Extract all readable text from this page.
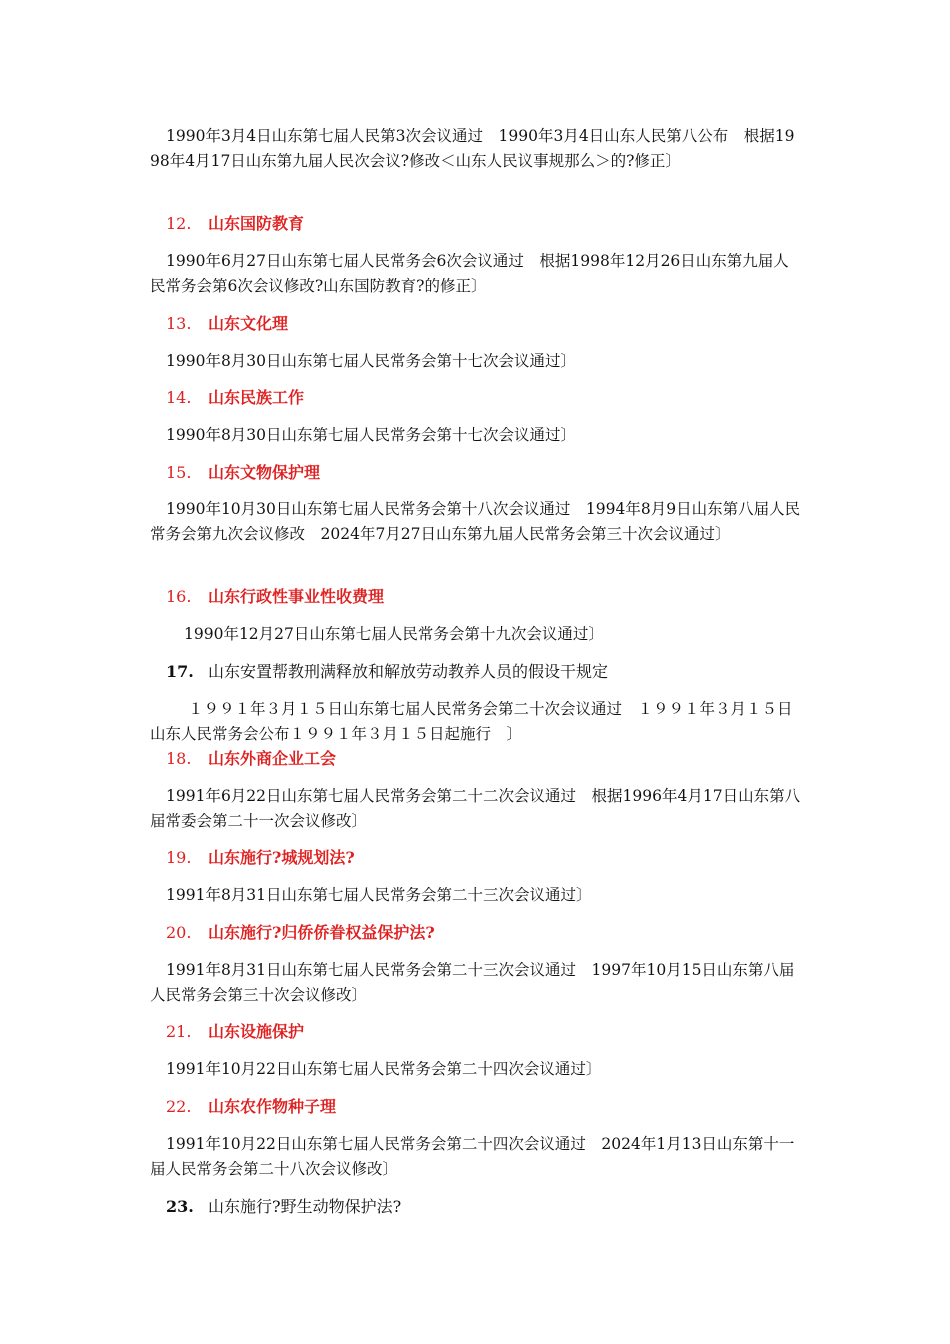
1990年3月4日山东第七届人民第3次会议通过　1990年3月4日山东人民第八公布　根据1998年4月17日山东第九届人民次会议?修改＜山东人民议事规那么＞的?修正〕

12. 山东国防教育

1990年6月27日山东第七届人民常务会6次会议通过　根据1998年12月26日山东第九届人民常务会第6次会议修改?山东国防教育?的修正〕

13. 山东文化理

1990年8月30日山东第七届人民常务会第十七次会议通过〕

14. 山东民族工作

1990年8月30日山东第七届人民常务会第十七次会议通过〕

15. 山东文物保护理

1990年10月30日山东第七届人民常务会第十八次会议通过　1994年8月9日山东第八届人民常务会第九次会议修改　2024年7月27日山东第九届人民常务会第三十次会议通过〕

16. 山东行政性事业性收费理

1990年12月27日山东第七届人民常务会第十九次会议通过〕

17. 山东安置帮教刑满释放和解放劳动教养人员的假设干规定

１９９１年３月１５日山东第七届人民常务会第二十次会议通过　１９９１年３月１５日山东人民常务会公布１９９１年３月１５日起施行　〕

18. 山东外商企业工会

1991年6月22日山东第七届人民常务会第二十二次会议通过　根据1996年4月17日山东第八届常委会第二十一次会议修改〕

19. 山东施行?城规划法?

1991年8月31日山东第七届人民常务会第二十三次会议通过〕

20. 山东施行?归侨侨眷权益保护法?

1991年8月31日山东第七届人民常务会第二十三次会议通过　1997年10月15日山东第八届人民常务会第三十次会议修改〕

21. 山东设施保护

1991年10月22日山东第七届人民常务会第二十四次会议通过〕

22. 山东农作物种子理

1991年10月22日山东第七届人民常务会第二十四次会议通过　2024年1月13日山东第十一届人民常务会第二十八次会议修改〕

23. 山东施行?野生动物保护法?
